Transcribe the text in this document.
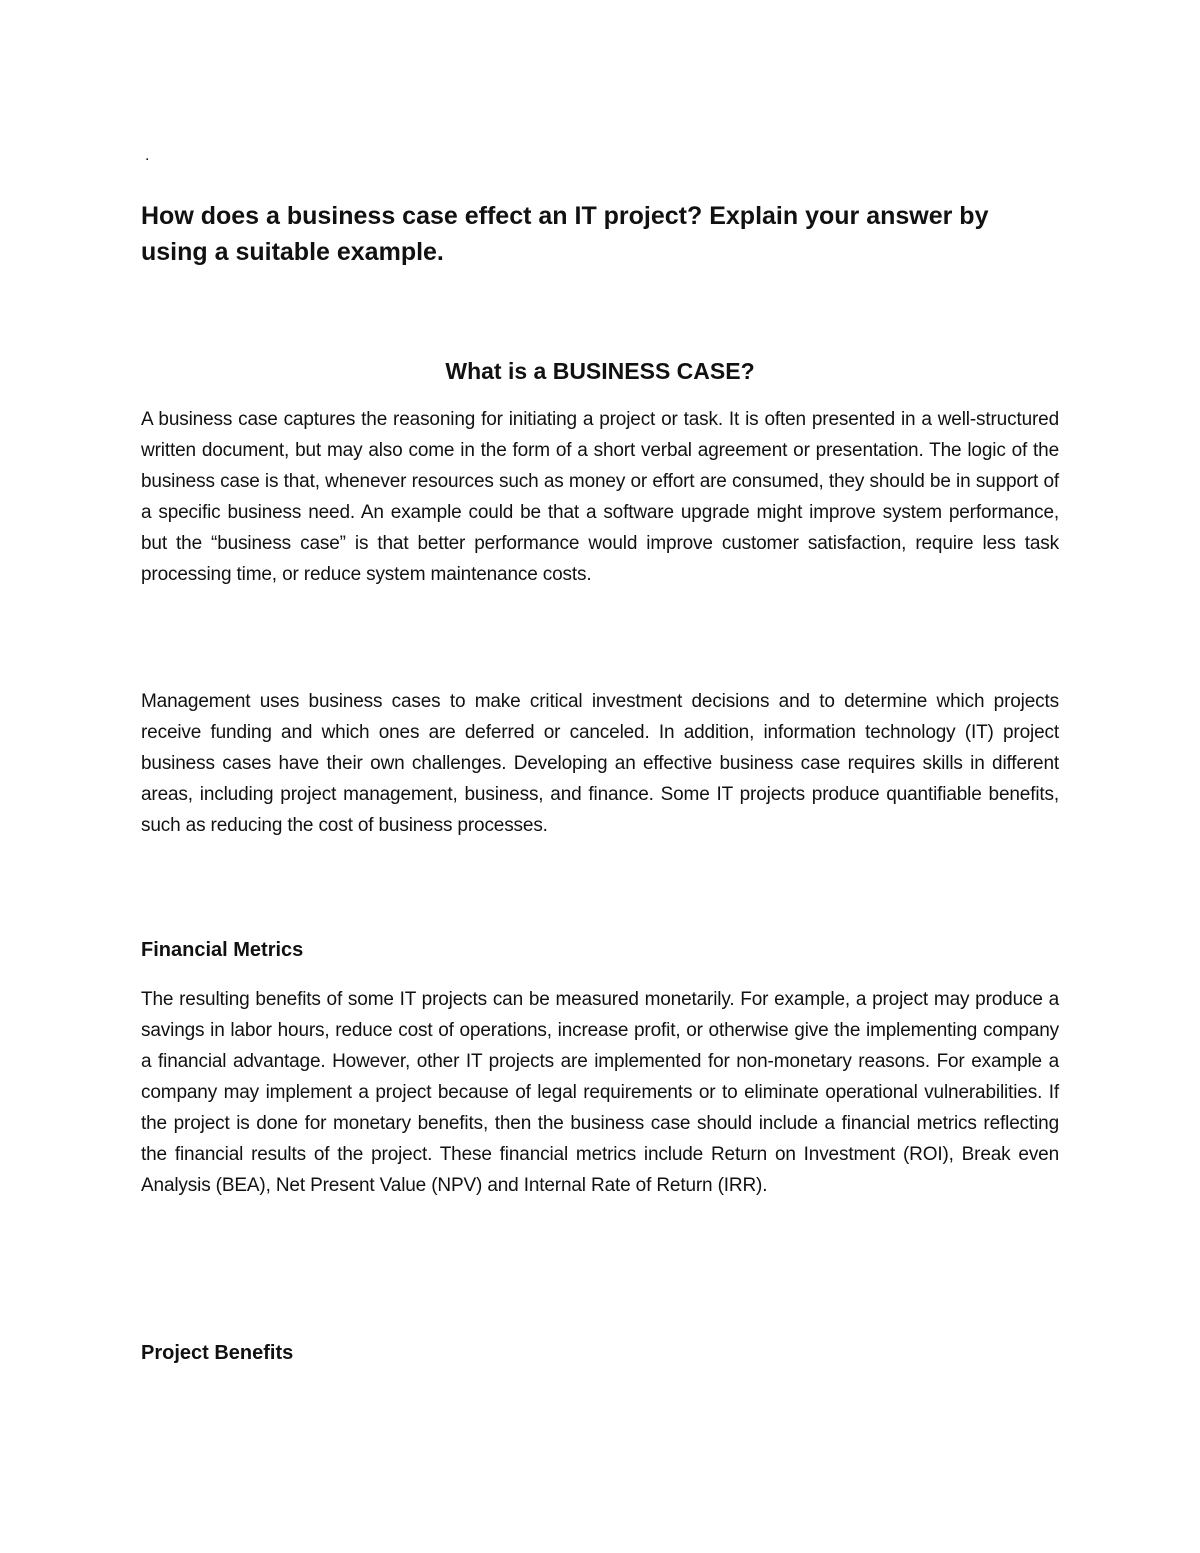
.
How does a business case effect an IT project? Explain your answer by using a suitable example.
What is a BUSINESS CASE?

A business case captures the reasoning for initiating a project or task. It is often presented in a well-structured written document, but may also come in the form of a short verbal agreement or presentation. The logic of the business case is that, whenever resources such as money or effort are consumed, they should be in support of a specific business need. An example could be that a software upgrade might improve system performance, but the “business case” is that better performance would improve customer satisfaction, require less task processing time, or reduce system maintenance costs.

Management uses business cases to make critical investment decisions and to determine which projects receive funding and which ones are deferred or canceled. In addition, information technology (IT) project business cases have their own challenges. Developing an effective business case requires skills in different areas, including project management, business, and finance. Some IT projects produce quantifiable benefits, such as reducing the cost of business processes.

Financial Metrics

The resulting benefits of some IT projects can be measured monetarily. For example, a project may produce a savings in labor hours, reduce cost of operations, increase profit, or otherwise give the implementing company a financial advantage. However, other IT projects are implemented for non-monetary reasons. For example a company may implement a project because of legal requirements or to eliminate operational vulnerabilities. If the project is done for monetary benefits, then the business case should include a financial metrics reflecting the financial results of the project. These financial metrics include Return on Investment (ROI), Break even Analysis (BEA), Net Present Value (NPV) and Internal Rate of Return (IRR).

Project Benefits
